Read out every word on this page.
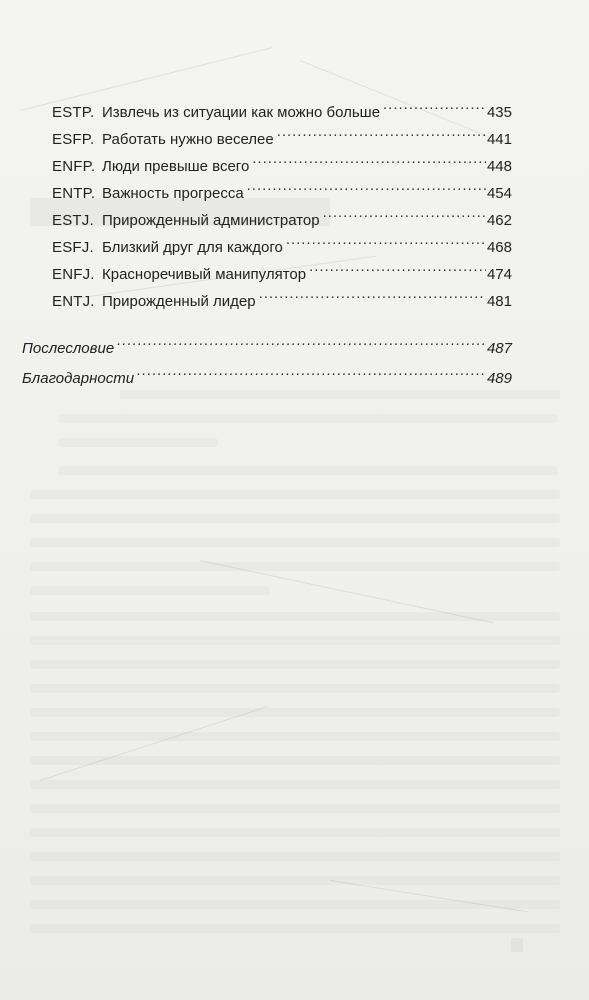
ESTP. Извлечь из ситуации как можно больше . . .	435
ESFP. Работать нужно веселее . . .	441
ENFP. Люди превыше всего . . .	448
ENTP. Важность прогресса . . .	454
ESTJ. Прирожденный администратор . . .	462
ESFJ. Близкий друг для каждого . . .	468
ENFJ. Красноречивый манипулятор . . .	474
ENTJ. Прирожденный лидер . . .	481
Послесловие . . .	487
Благодарности . . .	489
